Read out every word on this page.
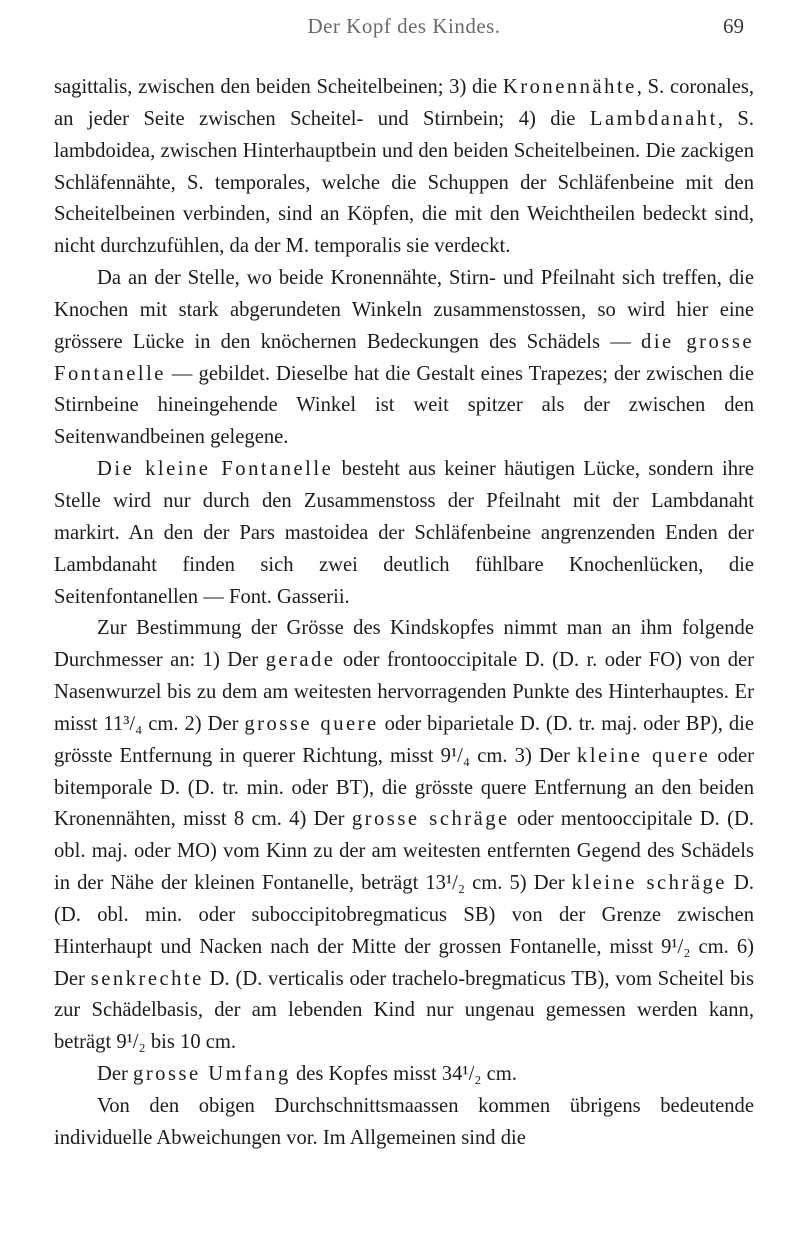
Der Kopf des Kindes.	69

sagittalis, zwischen den beiden Scheitelbeinen; 3) die Kronennähte, S. coronales, an jeder Seite zwischen Scheitel- und Stirnbein; 4) die Lambdanaht, S. lambdoidea, zwischen Hinterhauptbein und den beiden Scheitelbeinen. Die zackigen Schläfennähte, S. temporales, welche die Schuppen der Schläfenbeine mit den Scheitelbeinen verbinden, sind an Köpfen, die mit den Weichtheilen bedeckt sind, nicht durchzufühlen, da der M. temporalis sie verdeckt.

Da an der Stelle, wo beide Kronennähte, Stirn- und Pfeilnaht sich treffen, die Knochen mit stark abgerundeten Winkeln zusammenstossen, so wird hier eine grössere Lücke in den knöchernen Bedeckungen des Schädels — die grosse Fontanelle — gebildet. Dieselbe hat die Gestalt eines Trapezes; der zwischen die Stirnbeine hineingehende Winkel ist weit spitzer als der zwischen den Seitenwandbeinen gelegene.

Die kleine Fontanelle besteht aus keiner häutigen Lücke, sondern ihre Stelle wird nur durch den Zusammenstoss der Pfeilnaht mit der Lambdanaht markirt. An den der Pars mastoidea der Schläfenbeine angrenzenden Enden der Lambdanaht finden sich zwei deutlich fühlbare Knochenlücken, die Seitenfontanellen — Font. Gasserii.

Zur Bestimmung der Grösse des Kindskopfes nimmt man an ihm folgende Durchmesser an: 1) Der gerade oder frontooccipitale D. (D. r. oder FO) von der Nasenwurzel bis zu dem am weitesten hervorragenden Punkte des Hinterhauptes. Er misst 11³/₄ cm. 2) Der grosse quere oder biparietale D. (D. tr. maj. oder BP), die grösste Entfernung in querer Richtung, misst 9¹/₄ cm. 3) Der kleine quere oder bitemporale D. (D. tr. min. oder BT), die grösste quere Entfernung an den beiden Kronennähten, misst 8 cm. 4) Der grosse schräge oder mentooccipitale D. (D. obl. maj. oder MO) vom Kinn zu der am weitesten entfernten Gegend des Schädels in der Nähe der kleinen Fontanelle, beträgt 13¹/₂ cm. 5) Der kleine schräge D. (D. obl. min. oder suboccipitobregmaticus SB) von der Grenze zwischen Hinterhaupt und Nacken nach der Mitte der grossen Fontanelle, misst 9¹/₂ cm. 6) Der senkrechte D. (D. verticalis oder trachelo-bregmaticus TB), vom Scheitel bis zur Schädelbasis, der am lebenden Kind nur ungenau gemessen werden kann, beträgt 9¹/₂ bis 10 cm.

Der grosse Umfang des Kopfes misst 34¹/₂ cm.

Von den obigen Durchschnittsmaassen kommen übrigens bedeutende individuelle Abweichungen vor. Im Allgemeinen sind die
